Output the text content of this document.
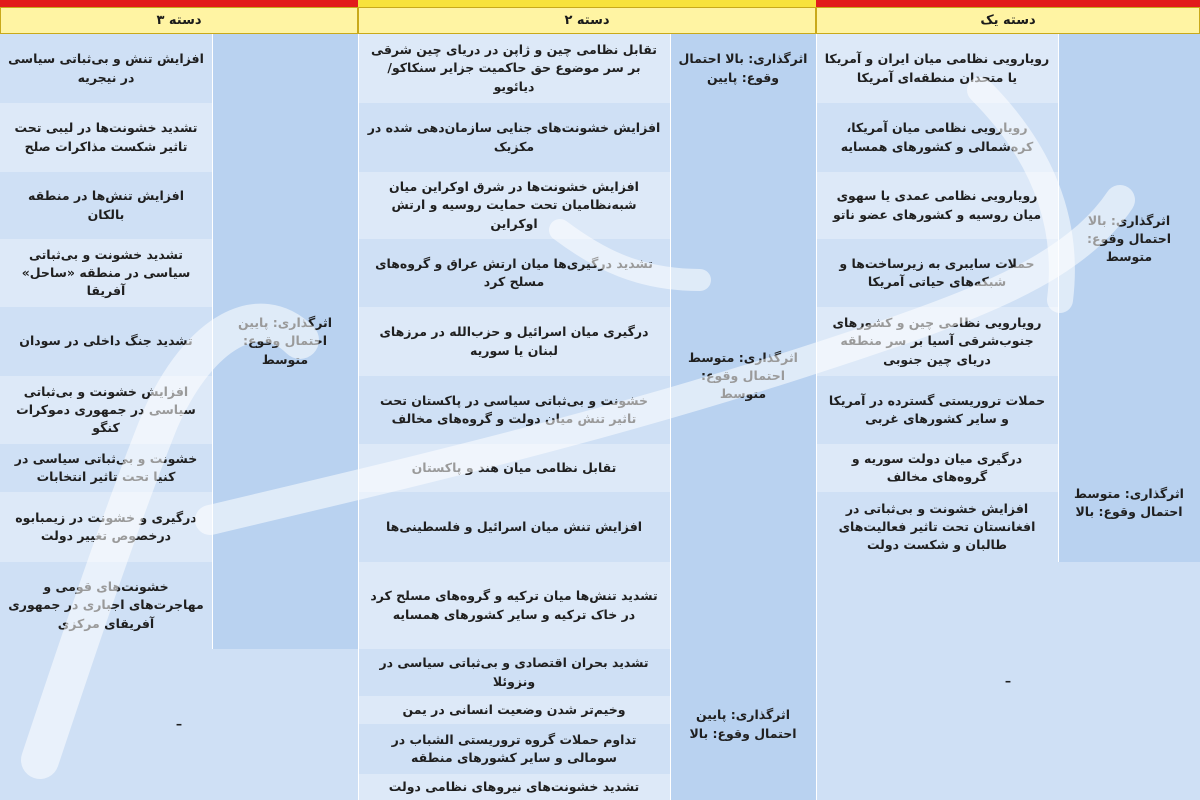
دسته یک
دسته ۲
دسته ۳
اثرگذاری: بالا احتمال وقوع: متوسط
اثرگذاری: متوسط احتمال وقوع: بالا
رویارویی نظامی میان ایران و آمریکا یا متحدان منطقه‌ای آمریکا
رویارویی نظامی میان آمریکا، کره‌شمالی و کشورهای همسایه
رویارویی نظامی عمدی یا سهوی میان روسیه و کشورهای عضو ناتو
حملات سایبری به زیرساخت‌ها و شبکه‌های حیاتی آمریکا
رویارویی نظامی چین و کشورهای جنوب‌شرقی آسیا بر سر منطقه دریای چین جنوبی
حملات تروریستی گسترده در آمریکا و سایر کشورهای غربی
درگیری میان دولت سوریه و گروه‌های مخالف
افزایش خشونت و بی‌ثباتی در افغانستان تحت تاثیر فعالیت‌های طالبان و شکست دولت
–
اثرگذاری: بالا احتمال وقوع: پایین
اثرگذاری: متوسط احتمال وقوع: متوسط
اثرگذاری: پایین احتمال وقوع: بالا
تقابل نظامی چین و ژاپن در دریای چین شرقی بر سر موضوع حق حاکمیت جزایر سنکاکو/ دیائویو
افزایش خشونت‌های جنایی سازمان‌دهی شده در مکزیک
افزایش خشونت‌ها در شرق اوکراین میان شبه‌نظامیان تحت حمایت روسیه و ارتش اوکراین
تشدید درگیری‌ها میان ارتش عراق و گروه‌های مسلح کرد
درگیری میان اسرائیل و حزب‌الله در مرزهای لبنان یا سوریه
خشونت و بی‌ثباتی سیاسی در پاکستان تحت تاثیر تنش میان دولت و گروه‌های مخالف
تقابل نظامی میان هند و پاکستان
افزایش تنش میان اسرائیل و فلسطینی‌ها
تشدید تنش‌ها میان ترکیه و گروه‌های مسلح کرد در خاک ترکیه و سایر کشورهای همسایه
تشدید بحران اقتصادی و بی‌ثباتی سیاسی در ونزوئلا
وخیم‌تر شدن وضعیت انسانی در یمن
تداوم حملات گروه تروریستی الشباب در سومالی و سایر کشورهای منطقه
تشدید خشونت‌های نیروهای نظامی دولت
اثرگذاری: پایین احتمال وقوع: متوسط
افزایش تنش و بی‌ثباتی سیاسی در نیجریه
تشدید خشونت‌ها در لیبی تحت تاثیر شکست مذاکرات صلح
افزایش تنش‌ها در منطقه بالکان
تشدید خشونت و بی‌ثباتی سیاسی در منطقه «ساحل» آفریقا
تشدید جنگ داخلی در سودان
افزایش خشونت و بی‌ثباتی سیاسی در جمهوری دموکرات کنگو
خشونت و بی‌ثباتی سیاسی در کنیا تحت تاثیر انتخابات
درگیری و خشونت در زیمبابوه درخصوص تغییر دولت
خشونت‌های قومی و مهاجرت‌های اجباری در جمهوری آفریقای مرکزی
–
